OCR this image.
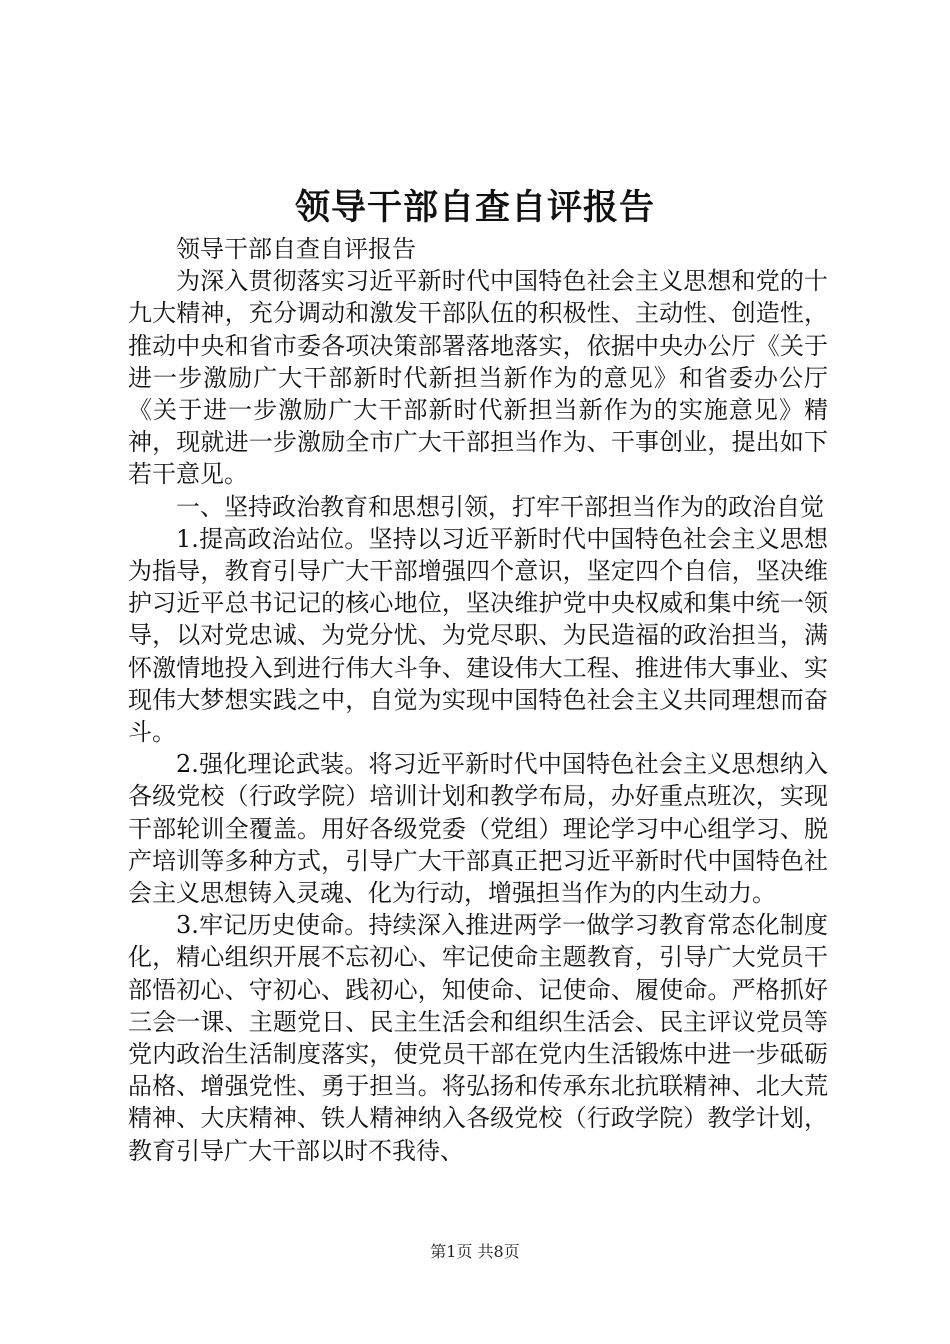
领导干部自查自评报告

领导干部自查自评报告

为深入贯彻落实习近平新时代中国特色社会主义思想和党的十九大精神，充分调动和激发干部队伍的积极性、主动性、创造性，推动中央和省市委各项决策部署落地落实，依据中央办公厅《关于进一步激励广大干部新时代新担当新作为的意见》和省委办公厅《关于进一步激励广大干部新时代新担当新作为的实施意见》精神，现就进一步激励全市广大干部担当作为、干事创业，提出如下若干意见。

一、坚持政治教育和思想引领，打牢干部担当作为的政治自觉

1.提高政治站位。坚持以习近平新时代中国特色社会主义思想为指导，教育引导广大干部增强四个意识，坚定四个自信，坚决维护习近平总书记记的核心地位，坚决维护党中央权威和集中统一领导，以对党忠诚、为党分忧、为党尽职、为民造福的政治担当，满怀激情地投入到进行伟大斗争、建设伟大工程、推进伟大事业、实现伟大梦想实践之中，自觉为实现中国特色社会主义共同理想而奋斗。

2.强化理论武装。将习近平新时代中国特色社会主义思想纳入各级党校（行政学院）培训计划和教学布局，办好重点班次，实现干部轮训全覆盖。用好各级党委（党组）理论学习中心组学习、脱产培训等多种方式，引导广大干部真正把习近平新时代中国特色社会主义思想铸入灵魂、化为行动，增强担当作为的内生动力。

3.牢记历史使命。持续深入推进两学一做学习教育常态化制度化，精心组织开展不忘初心、牢记使命主题教育，引导广大党员干部悟初心、守初心、践初心，知使命、记使命、履使命。严格抓好三会一课、主题党日、民主生活会和组织生活会、民主评议党员等党内政治生活制度落实，使党员干部在党内生活锻炼中进一步砥砺品格、增强党性、勇于担当。将弘扬和传承东北抗联精神、北大荒精神、大庆精神、铁人精神纳入各级党校（行政学院）教学计划，教育引导广大干部以时不我待、

第1页 共8页
